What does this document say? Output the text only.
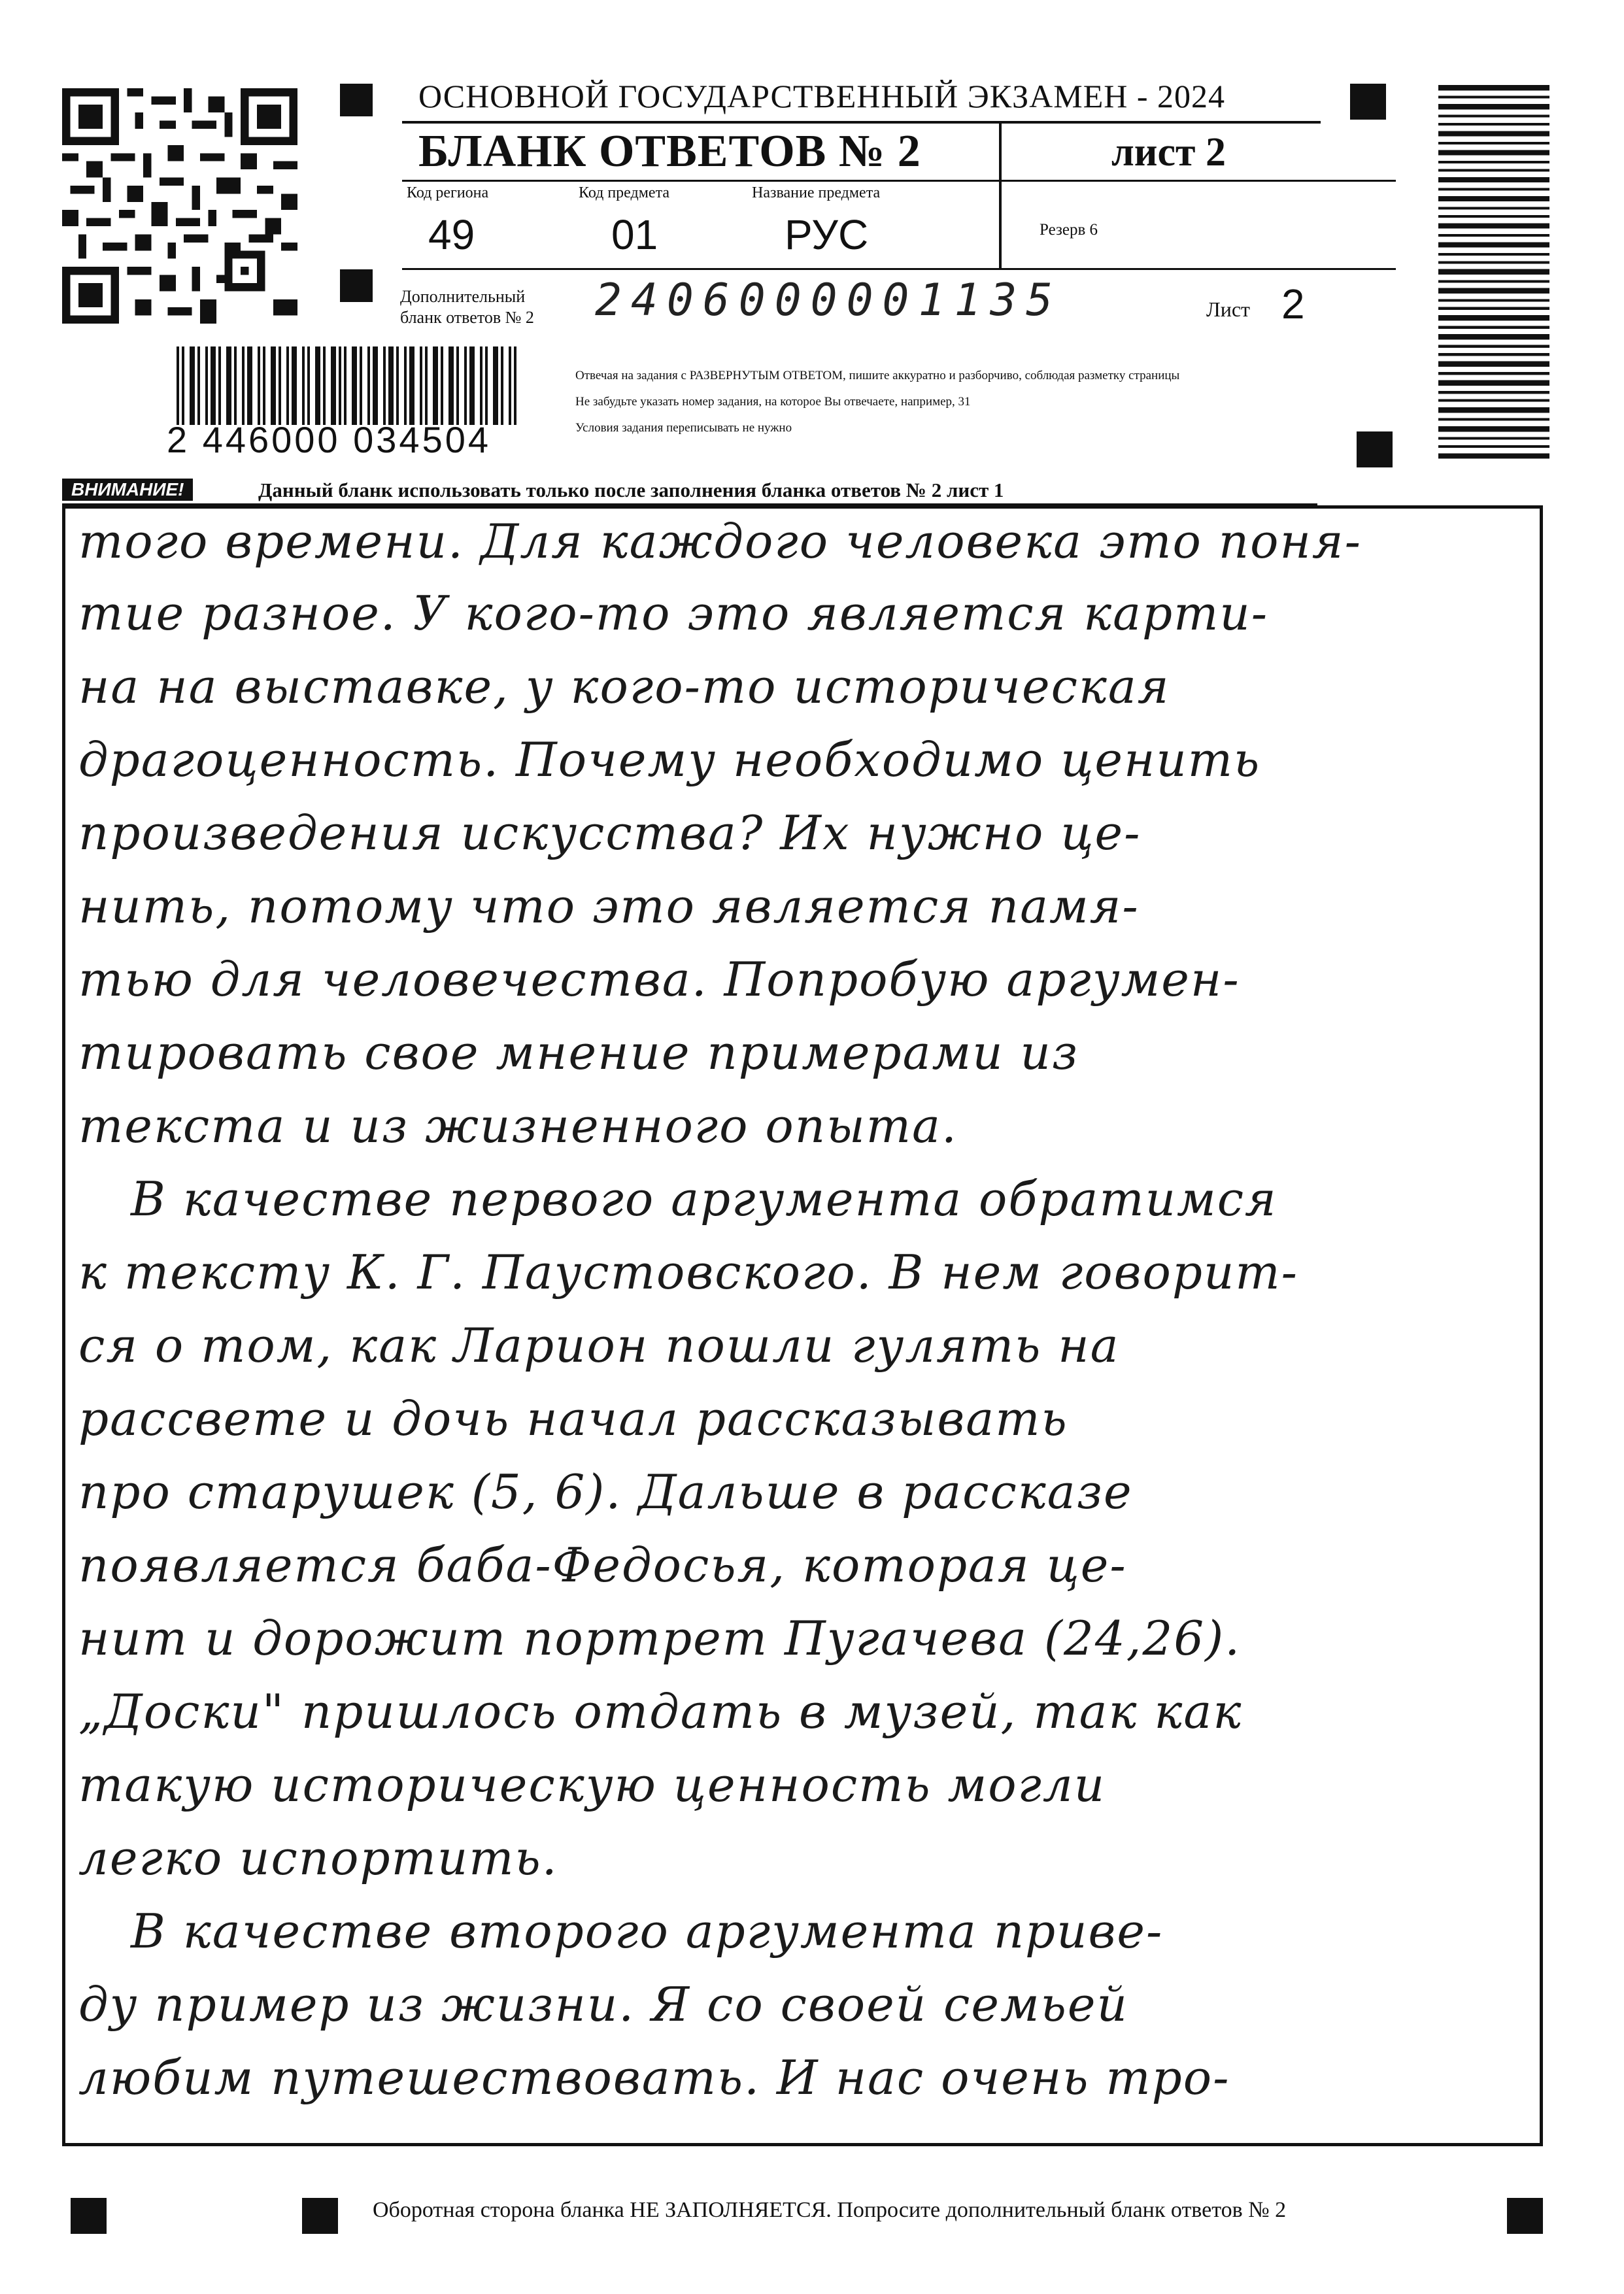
ОСНОВНОЙ ГОСУДАРСТВЕННЫЙ ЭКЗАМЕН - 2024
БЛАНК ОТВЕТОВ № 2	лист 2
Код региона
49
Код предмета
01
Название предмета
РУС	Резерв 6
Дополнительный
бланк ответов № 2	2406000001135	Лист 2
2 446000 034504
Отвечая на задания с РАЗВЕРНУТЫМ ОТВЕТОМ, пишите аккуратно и разборчиво, соблюдая разметку страницы
Не забудьте указать номер задания, на которое Вы отвечаете, например, 31
Условия задания переписывать не нужно
ВНИМАНИЕ!	Данный бланк использовать только после заполнения бланка ответов № 2 лист 1
того времени. Для каждого человека это поня-
тие разное. У кого-то это является карти-
на на выставке, у кого-то историческая
драгоценность. Почему необходимо ценить
произведения искусства? Их нужно це-
нить, потому что это является памя-
тью для человечества. Попробую аргумен-
тировать свое мнение примерами из
текста и из жизненного опыта.
В качестве первого аргумента обратимся
к тексту К. Г. Паустовского. В нем говорит-
ся о том, как Ларион пошли гулять на
рассвете и дочь начал рассказывать
про старушек (5, 6). Дальше в рассказе
появляется баба-Федосья, которая це-
нит и дорожит портрет Пугачева (24,26).
„Доски" пришлось отдать в музей, так как
такую историческую ценность могли
легко испортить.
В качестве второго аргумента приве-
ду пример из жизни. Я со своей семьей
любим путешествовать. И нас очень тро-
Оборотная сторона бланка НЕ ЗАПОЛНЯЕТСЯ. Попросите дополнительный бланк ответов № 2
